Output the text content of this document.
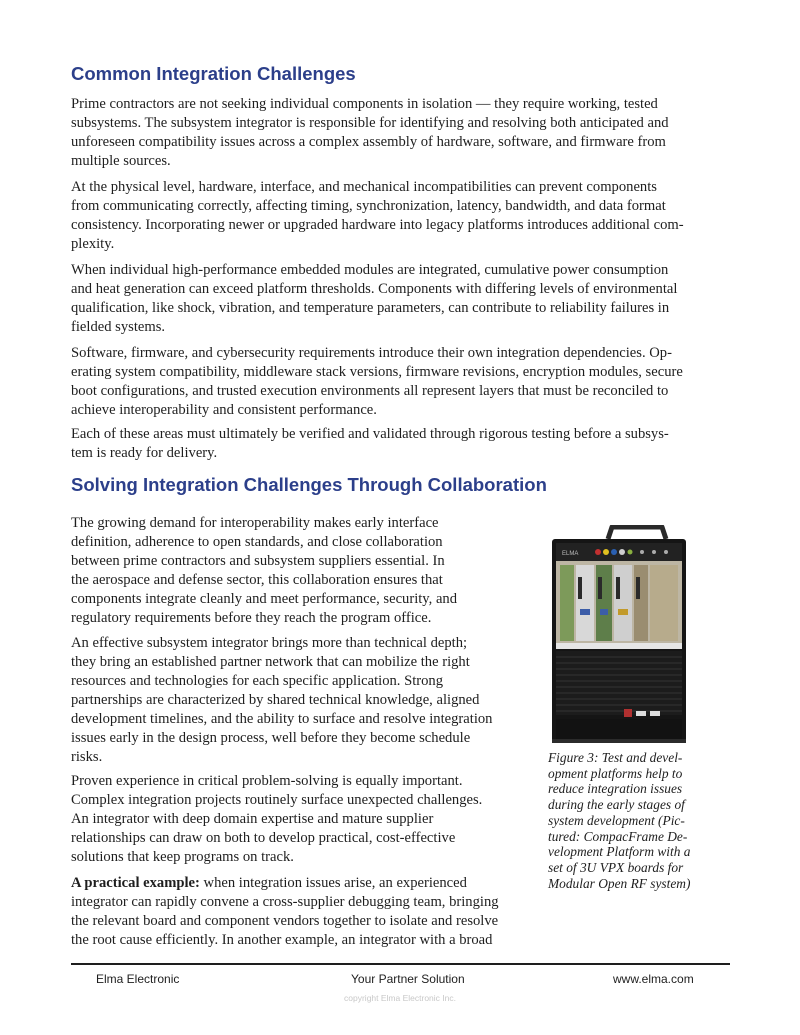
Common Integration Challenges

Prime contractors are not seeking individual components in isolation — they require working, tested
subsystems. The subsystem integrator is responsible for identifying and resolving both anticipated and
unforeseen compatibility issues across a complex assembly of hardware, software, and firmware from
multiple sources.

At the physical level, hardware, interface, and mechanical incompatibilities can prevent components
from communicating correctly, affecting timing, synchronization, latency, bandwidth, and data format
consistency. Incorporating newer or upgraded hardware into legacy platforms introduces additional com-
plexity.

When individual high-performance embedded modules are integrated, cumulative power consumption
and heat generation can exceed platform thresholds. Components with differing levels of environmental
qualification, like shock, vibration, and temperature parameters, can contribute to reliability failures in
fielded systems.

Software, firmware, and cybersecurity requirements introduce their own integration dependencies. Op-
erating system compatibility, middleware stack versions, firmware revisions, encryption modules, secure
boot configurations, and trusted execution environments all represent layers that must be reconciled to
achieve interoperability and consistent performance.

Each of these areas must ultimately be verified and validated through rigorous testing before a subsys-
tem is ready for delivery.

Solving Integration Challenges Through Collaboration

The growing demand for interoperability makes early interface
definition, adherence to open standards, and close collaboration
between prime contractors and subsystem suppliers essential. In
the aerospace and defense sector, this collaboration ensures that
components integrate cleanly and meet performance, security, and
regulatory requirements before they reach the program office.

An effective subsystem integrator brings more than technical depth;
they bring an established partner network that can mobilize the right
resources and technologies for each specific application. Strong
partnerships are characterized by shared technical knowledge, aligned
development timelines, and the ability to surface and resolve integration
issues early in the design process, well before they become schedule
risks.

Proven experience in critical problem-solving is equally important.
Complex integration projects routinely surface unexpected challenges.
An integrator with deep domain expertise and mature supplier
relationships can draw on both to develop practical, cost-effective
solutions that keep programs on track.

A practical example: when integration issues arise, an experienced
integrator can rapidly convene a cross-supplier debugging team, bringing
the relevant board and component vendors together to isolate and resolve
the root cause efficiently. In another example, an integrator with a broad

ELMA

Figure 3: Test and devel-
opment platforms help to
reduce integration issues
during the early stages of
system development (Pic-
tured: CompacFrame De-
velopment Platform with a
set of 3U VPX boards for
Modular Open RF system)

Elma Electronic	Your Partner Solution	www.elma.com
copyright Elma Electronic Inc.
